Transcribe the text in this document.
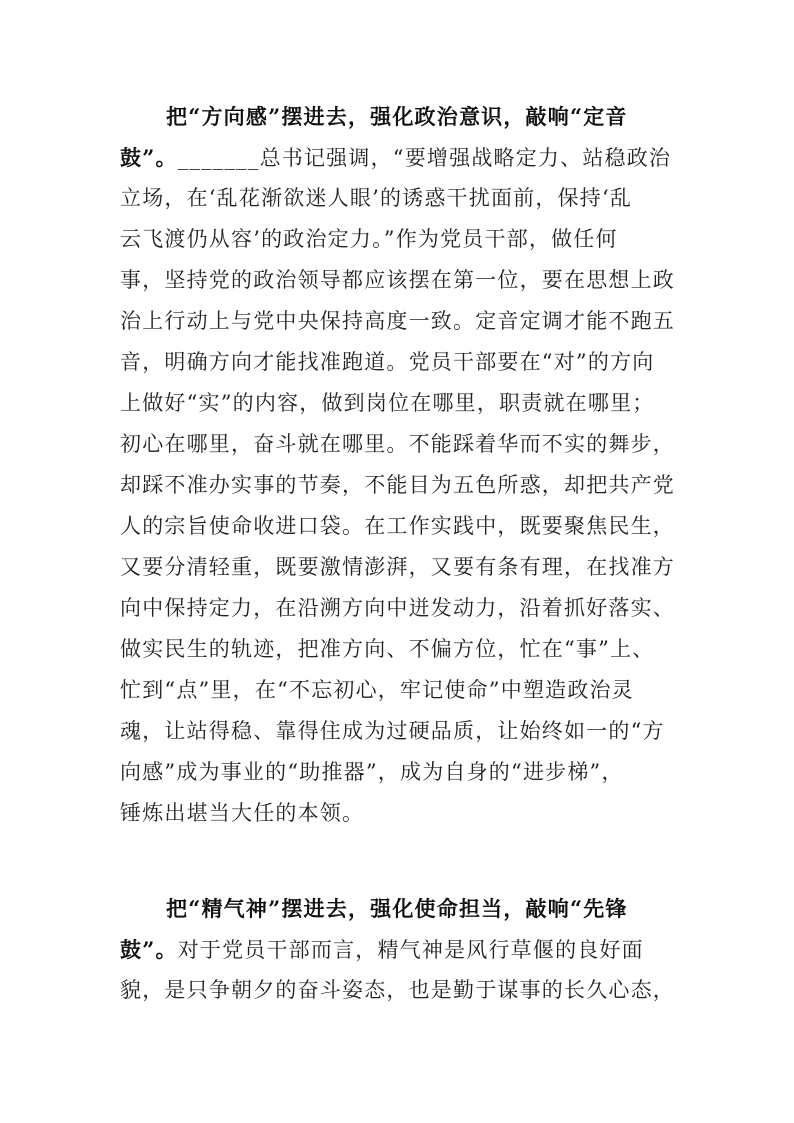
把“方向感”摆进去，强化政治意识，敲响“定音
鼓”。_______总书记强调，“要增强战略定力、站稳政治
立场，在‘乱花渐欲迷人眼’的诱惑干扰面前，保持‘乱
云飞渡仍从容’的政治定力。”作为党员干部，做任何
事，坚持党的政治领导都应该摆在第一位，要在思想上政
治上行动上与党中央保持高度一致。定音定调才能不跑五
音，明确方向才能找准跑道。党员干部要在“对”的方向
上做好“实”的内容，做到岗位在哪里，职责就在哪里；
初心在哪里，奋斗就在哪里。不能踩着华而不实的舞步，
却踩不准办实事的节奏，不能目为五色所惑，却把共产党
人的宗旨使命收进口袋。在工作实践中，既要聚焦民生，
又要分清轻重，既要激情澎湃，又要有条有理，在找准方
向中保持定力，在沿溯方向中迸发动力，沿着抓好落实、
做实民生的轨迹，把准方向、不偏方位，忙在“事”上、
忙到“点”里，在“不忘初心，牢记使命”中塑造政治灵
魂，让站得稳、靠得住成为过硬品质，让始终如一的“方
向感”成为事业的“助推器”，成为自身的“进步梯”，
锤炼出堪当大任的本领。
把“精气神”摆进去，强化使命担当，敲响“先锋
鼓”。对于党员干部而言，精气神是风行草偃的良好面
貌，是只争朝夕的奋斗姿态，也是勤于谋事的长久心态，
